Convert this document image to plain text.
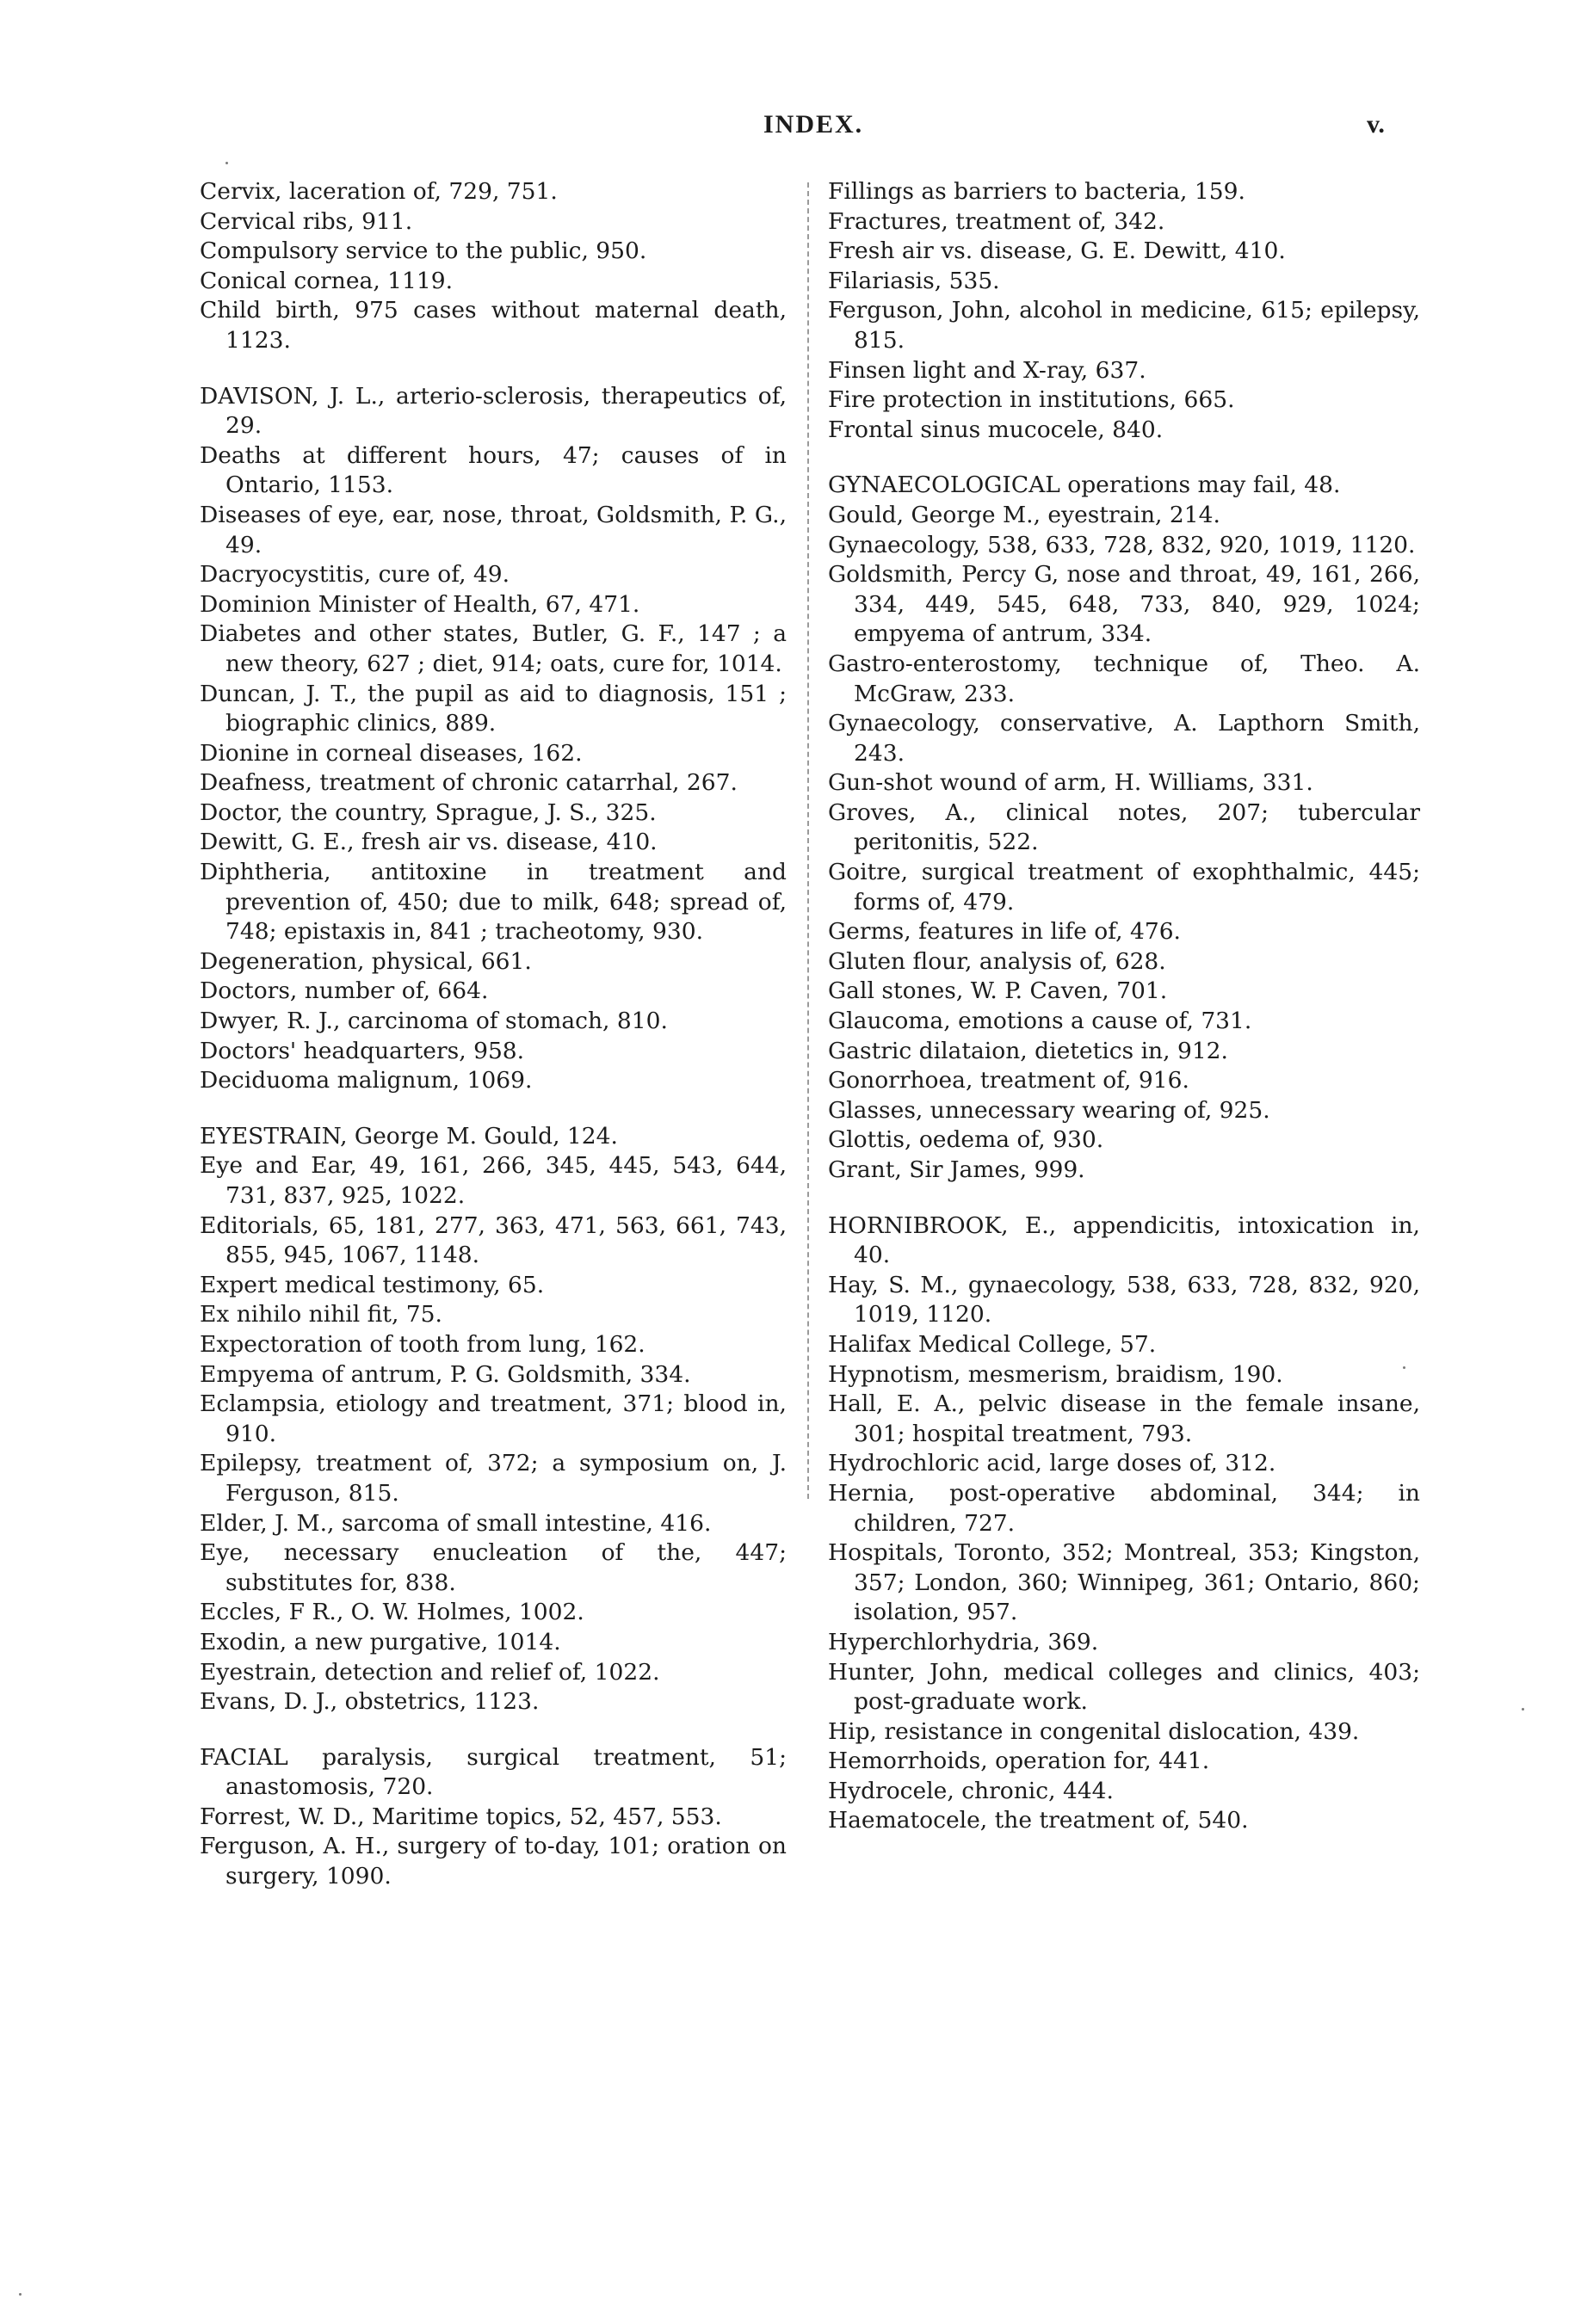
INDEX.	v.

Cervix, laceration of, 729, 751.

Cervical ribs, 911.

Compulsory service to the public, 950.

Conical cornea, 1119.

Child birth, 975 cases without maternal death, 1123.

DAVISON, J. L., arterio-sclerosis, therapeutics of, 29.

Deaths at different hours, 47; causes of in Ontario, 1153.

Diseases of eye, ear, nose, throat, Goldsmith, P. G., 49.

Dacryocystitis, cure of, 49.

Dominion Minister of Health, 67, 471.

Diabetes and other states, Butler, G. F., 147 ; a new theory, 627 ; diet, 914; oats, cure for, 1014.

Duncan, J. T., the pupil as aid to diagnosis, 151 ; biographic clinics, 889.

Dionine in corneal diseases, 162.

Deafness, treatment of chronic catarrhal, 267.

Doctor, the country, Sprague, J. S., 325.

Dewitt, G. E., fresh air vs. disease, 410.

Diphtheria, antitoxine in treatment and prevention of, 450; due to milk, 648; spread of, 748; epistaxis in, 841 ; tracheotomy, 930.

Degeneration, physical, 661.

Doctors, number of, 664.

Dwyer, R. J., carcinoma of stomach, 810.

Doctors' headquarters, 958.

Deciduoma malignum, 1069.

EYESTRAIN, George M. Gould, 124.

Eye and Ear, 49, 161, 266, 345, 445, 543, 644, 731, 837, 925, 1022.

Editorials, 65, 181, 277, 363, 471, 563, 661, 743, 855, 945, 1067, 1148.

Expert medical testimony, 65.

Ex nihilo nihil fit, 75.

Expectoration of tooth from lung, 162.

Empyema of antrum, P. G. Goldsmith, 334.

Eclampsia, etiology and treatment, 371; blood in, 910.

Epilepsy, treatment of, 372; a symposium on, J. Ferguson, 815.

Elder, J. M., sarcoma of small intestine, 416.

Eye, necessary enucleation of the, 447; substitutes for, 838.

Eccles, F R., O. W. Holmes, 1002.

Exodin, a new purgative, 1014.

Eyestrain, detection and relief of, 1022.

Evans, D. J., obstetrics, 1123.

FACIAL paralysis, surgical treatment, 51; anastomosis, 720.

Forrest, W. D., Maritime topics, 52, 457, 553.

Ferguson, A. H., surgery of to-day, 101; oration on surgery, 1090.

Fillings as barriers to bacteria, 159.

Fractures, treatment of, 342.

Fresh air vs. disease, G. E. Dewitt, 410.

Filariasis, 535.

Ferguson, John, alcohol in medicine, 615; epilepsy, 815.

Finsen light and X-ray, 637.

Fire protection in institutions, 665.

Frontal sinus mucocele, 840.

GYNAECOLOGICAL operations may fail, 48.

Gould, George M., eyestrain, 214.

Gynaecology, 538, 633, 728, 832, 920, 1019, 1120.

Goldsmith, Percy G, nose and throat, 49, 161, 266, 334, 449, 545, 648, 733, 840, 929, 1024; empyema of antrum, 334.

Gastro-enterostomy, technique of, Theo. A. McGraw, 233.

Gynaecology, conservative, A. Lapthorn Smith, 243.

Gun-shot wound of arm, H. Williams, 331.

Groves, A., clinical notes, 207; tubercular peritonitis, 522.

Goitre, surgical treatment of exophthalmic, 445; forms of, 479.

Germs, features in life of, 476.

Gluten flour, analysis of, 628.

Gall stones, W. P. Caven, 701.

Glaucoma, emotions a cause of, 731.

Gastric dilataion, dietetics in, 912.

Gonorrhoea, treatment of, 916.

Glasses, unnecessary wearing of, 925.

Glottis, oedema of, 930.

Grant, Sir James, 999.

HORNIBROOK, E., appendicitis, intoxication in, 40.

Hay, S. M., gynaecology, 538, 633, 728, 832, 920, 1019, 1120.

Halifax Medical College, 57.

Hypnotism, mesmerism, braidism, 190.

Hall, E. A., pelvic disease in the female insane, 301; hospital treatment, 793.

Hydrochloric acid, large doses of, 312.

Hernia, post-operative abdominal, 344; in children, 727.

Hospitals, Toronto, 352; Montreal, 353; Kingston, 357; London, 360; Winnipeg, 361; Ontario, 860; isolation, 957.

Hyperchlorhydria, 369.

Hunter, John, medical colleges and clinics, 403; post-graduate work.

Hip, resistance in congenital dislocation, 439.

Hemorrhoids, operation for, 441.

Hydrocele, chronic, 444.

Haematocele, the treatment of, 540.
